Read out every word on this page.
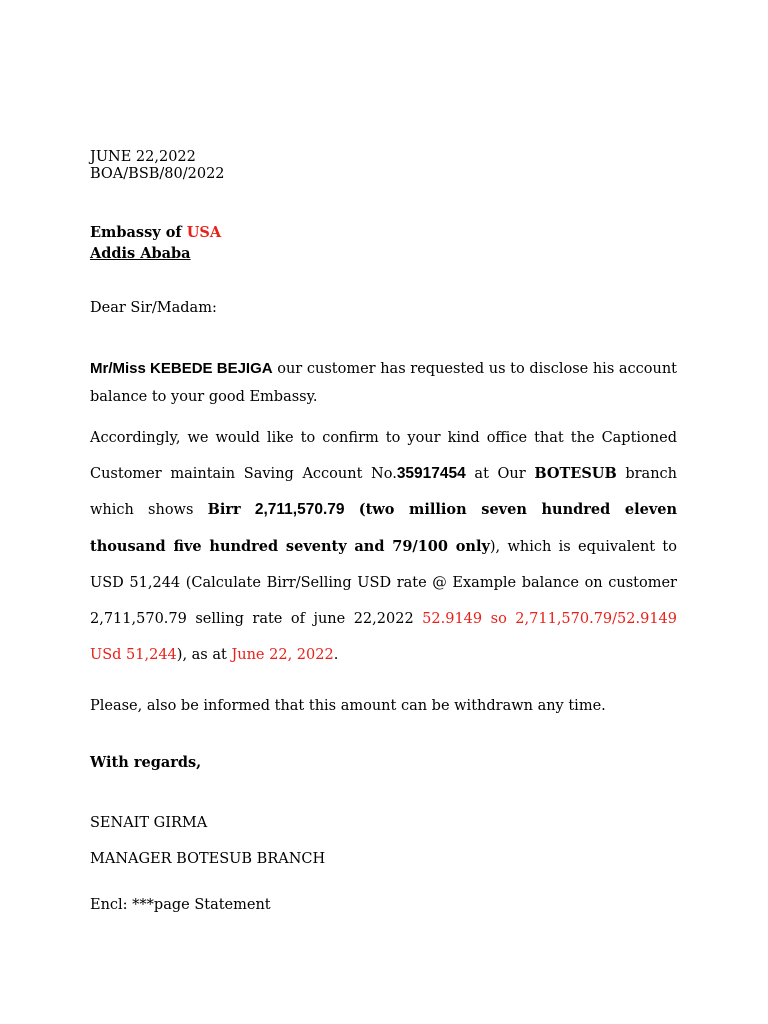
JUNE 22,2022
BOA/BSB/80/2022
Embassy of USA
Addis Ababa
Dear Sir/Madam:
Mr/Miss KEBEDE BEJIGA our customer has requested us to disclose his account
balance to your good Embassy.
Accordingly, we would like to confirm to your kind office that the Captioned
Customer maintain Saving Account No.35917454 at Our BOTESUB branch
which shows Birr 2,711,570.79 (two million seven hundred eleven
thousand five hundred seventy and 79/100 only), which is equivalent to
USD 51,244 (Calculate Birr/Selling USD rate @ Example balance on customer
2,711,570.79 selling rate of june 22,2022 52.9149 so 2,711,570.79/52.9149
USd 51,244), as at June 22, 2022.
Please, also be informed that this amount can be withdrawn any time.
With regards,
SENAIT GIRMA
MANAGER BOTESUB BRANCH
Encl: ***page Statement
